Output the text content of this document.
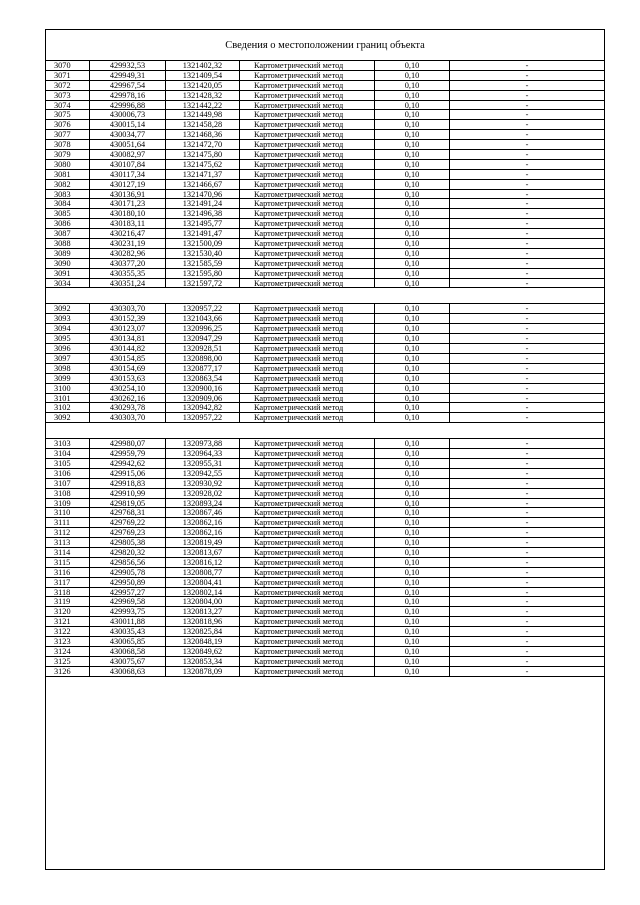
Сведения о местоположении границ объекта
3070	429932,53	1321402,32	Картометрический метод	0,10	-
3071	429949,31	1321409,54	Картометрический метод	0,10	-
3072	429967,54	1321420,05	Картометрический метод	0,10	-
3073	429978,16	1321428,32	Картометрический метод	0,10	-
3074	429996,88	1321442,22	Картометрический метод	0,10	-
3075	430006,73	1321449,98	Картометрический метод	0,10	-
3076	430015,14	1321458,28	Картометрический метод	0,10	-
3077	430034,77	1321468,36	Картометрический метод	0,10	-
3078	430051,64	1321472,70	Картометрический метод	0,10	-
3079	430082,97	1321475,80	Картометрический метод	0,10	-
3080	430107,84	1321475,62	Картометрический метод	0,10	-
3081	430117,34	1321471,37	Картометрический метод	0,10	-
3082	430127,19	1321466,67	Картометрический метод	0,10	-
3083	430136,91	1321470,96	Картометрический метод	0,10	-
3084	430171,23	1321491,24	Картометрический метод	0,10	-
3085	430180,10	1321496,38	Картометрический метод	0,10	-
3086	430183,11	1321495,77	Картометрический метод	0,10	-
3087	430216,47	1321491,47	Картометрический метод	0,10	-
3088	430231,19	1321500,09	Картометрический метод	0,10	-
3089	430282,96	1321530,40	Картометрический метод	0,10	-
3090	430377,20	1321585,59	Картометрический метод	0,10	-
3091	430355,35	1321595,80	Картометрический метод	0,10	-
3034	430351,24	1321597,72	Картометрический метод	0,10	-
3092	430303,70	1320957,22	Картометрический метод	0,10	-
3093	430152,39	1321043,66	Картометрический метод	0,10	-
3094	430123,07	1320996,25	Картометрический метод	0,10	-
3095	430134,81	1320947,29	Картометрический метод	0,10	-
3096	430144,82	1320928,51	Картометрический метод	0,10	-
3097	430154,85	1320898,00	Картометрический метод	0,10	-
3098	430154,69	1320877,17	Картометрический метод	0,10	-
3099	430153,63	1320863,54	Картометрический метод	0,10	-
3100	430254,10	1320900,16	Картометрический метод	0,10	-
3101	430262,16	1320909,06	Картометрический метод	0,10	-
3102	430293,78	1320942,82	Картометрический метод	0,10	-
3092	430303,70	1320957,22	Картометрический метод	0,10	-
3103	429980,07	1320973,88	Картометрический метод	0,10	-
3104	429959,79	1320964,33	Картометрический метод	0,10	-
3105	429942,62	1320955,31	Картометрический метод	0,10	-
3106	429915,06	1320942,55	Картометрический метод	0,10	-
3107	429918,83	1320930,92	Картометрический метод	0,10	-
3108	429910,99	1320928,02	Картометрический метод	0,10	-
3109	429819,05	1320893,24	Картометрический метод	0,10	-
3110	429768,31	1320867,46	Картометрический метод	0,10	-
3111	429769,22	1320862,16	Картометрический метод	0,10	-
3112	429769,23	1320862,16	Картометрический метод	0,10	-
3113	429805,38	1320819,49	Картометрический метод	0,10	-
3114	429820,32	1320813,67	Картометрический метод	0,10	-
3115	429856,56	1320816,12	Картометрический метод	0,10	-
3116	429905,78	1320808,77	Картометрический метод	0,10	-
3117	429950,89	1320804,41	Картометрический метод	0,10	-
3118	429957,27	1320802,14	Картометрический метод	0,10	-
3119	429969,58	1320804,00	Картометрический метод	0,10	-
3120	429993,75	1320813,27	Картометрический метод	0,10	-
3121	430011,88	1320818,96	Картометрический метод	0,10	-
3122	430035,43	1320825,84	Картометрический метод	0,10	-
3123	430065,85	1320848,19	Картометрический метод	0,10	-
3124	430068,58	1320849,62	Картометрический метод	0,10	-
3125	430075,67	1320853,34	Картометрический метод	0,10	-
3126	430068,63	1320878,09	Картометрический метод	0,10	-
